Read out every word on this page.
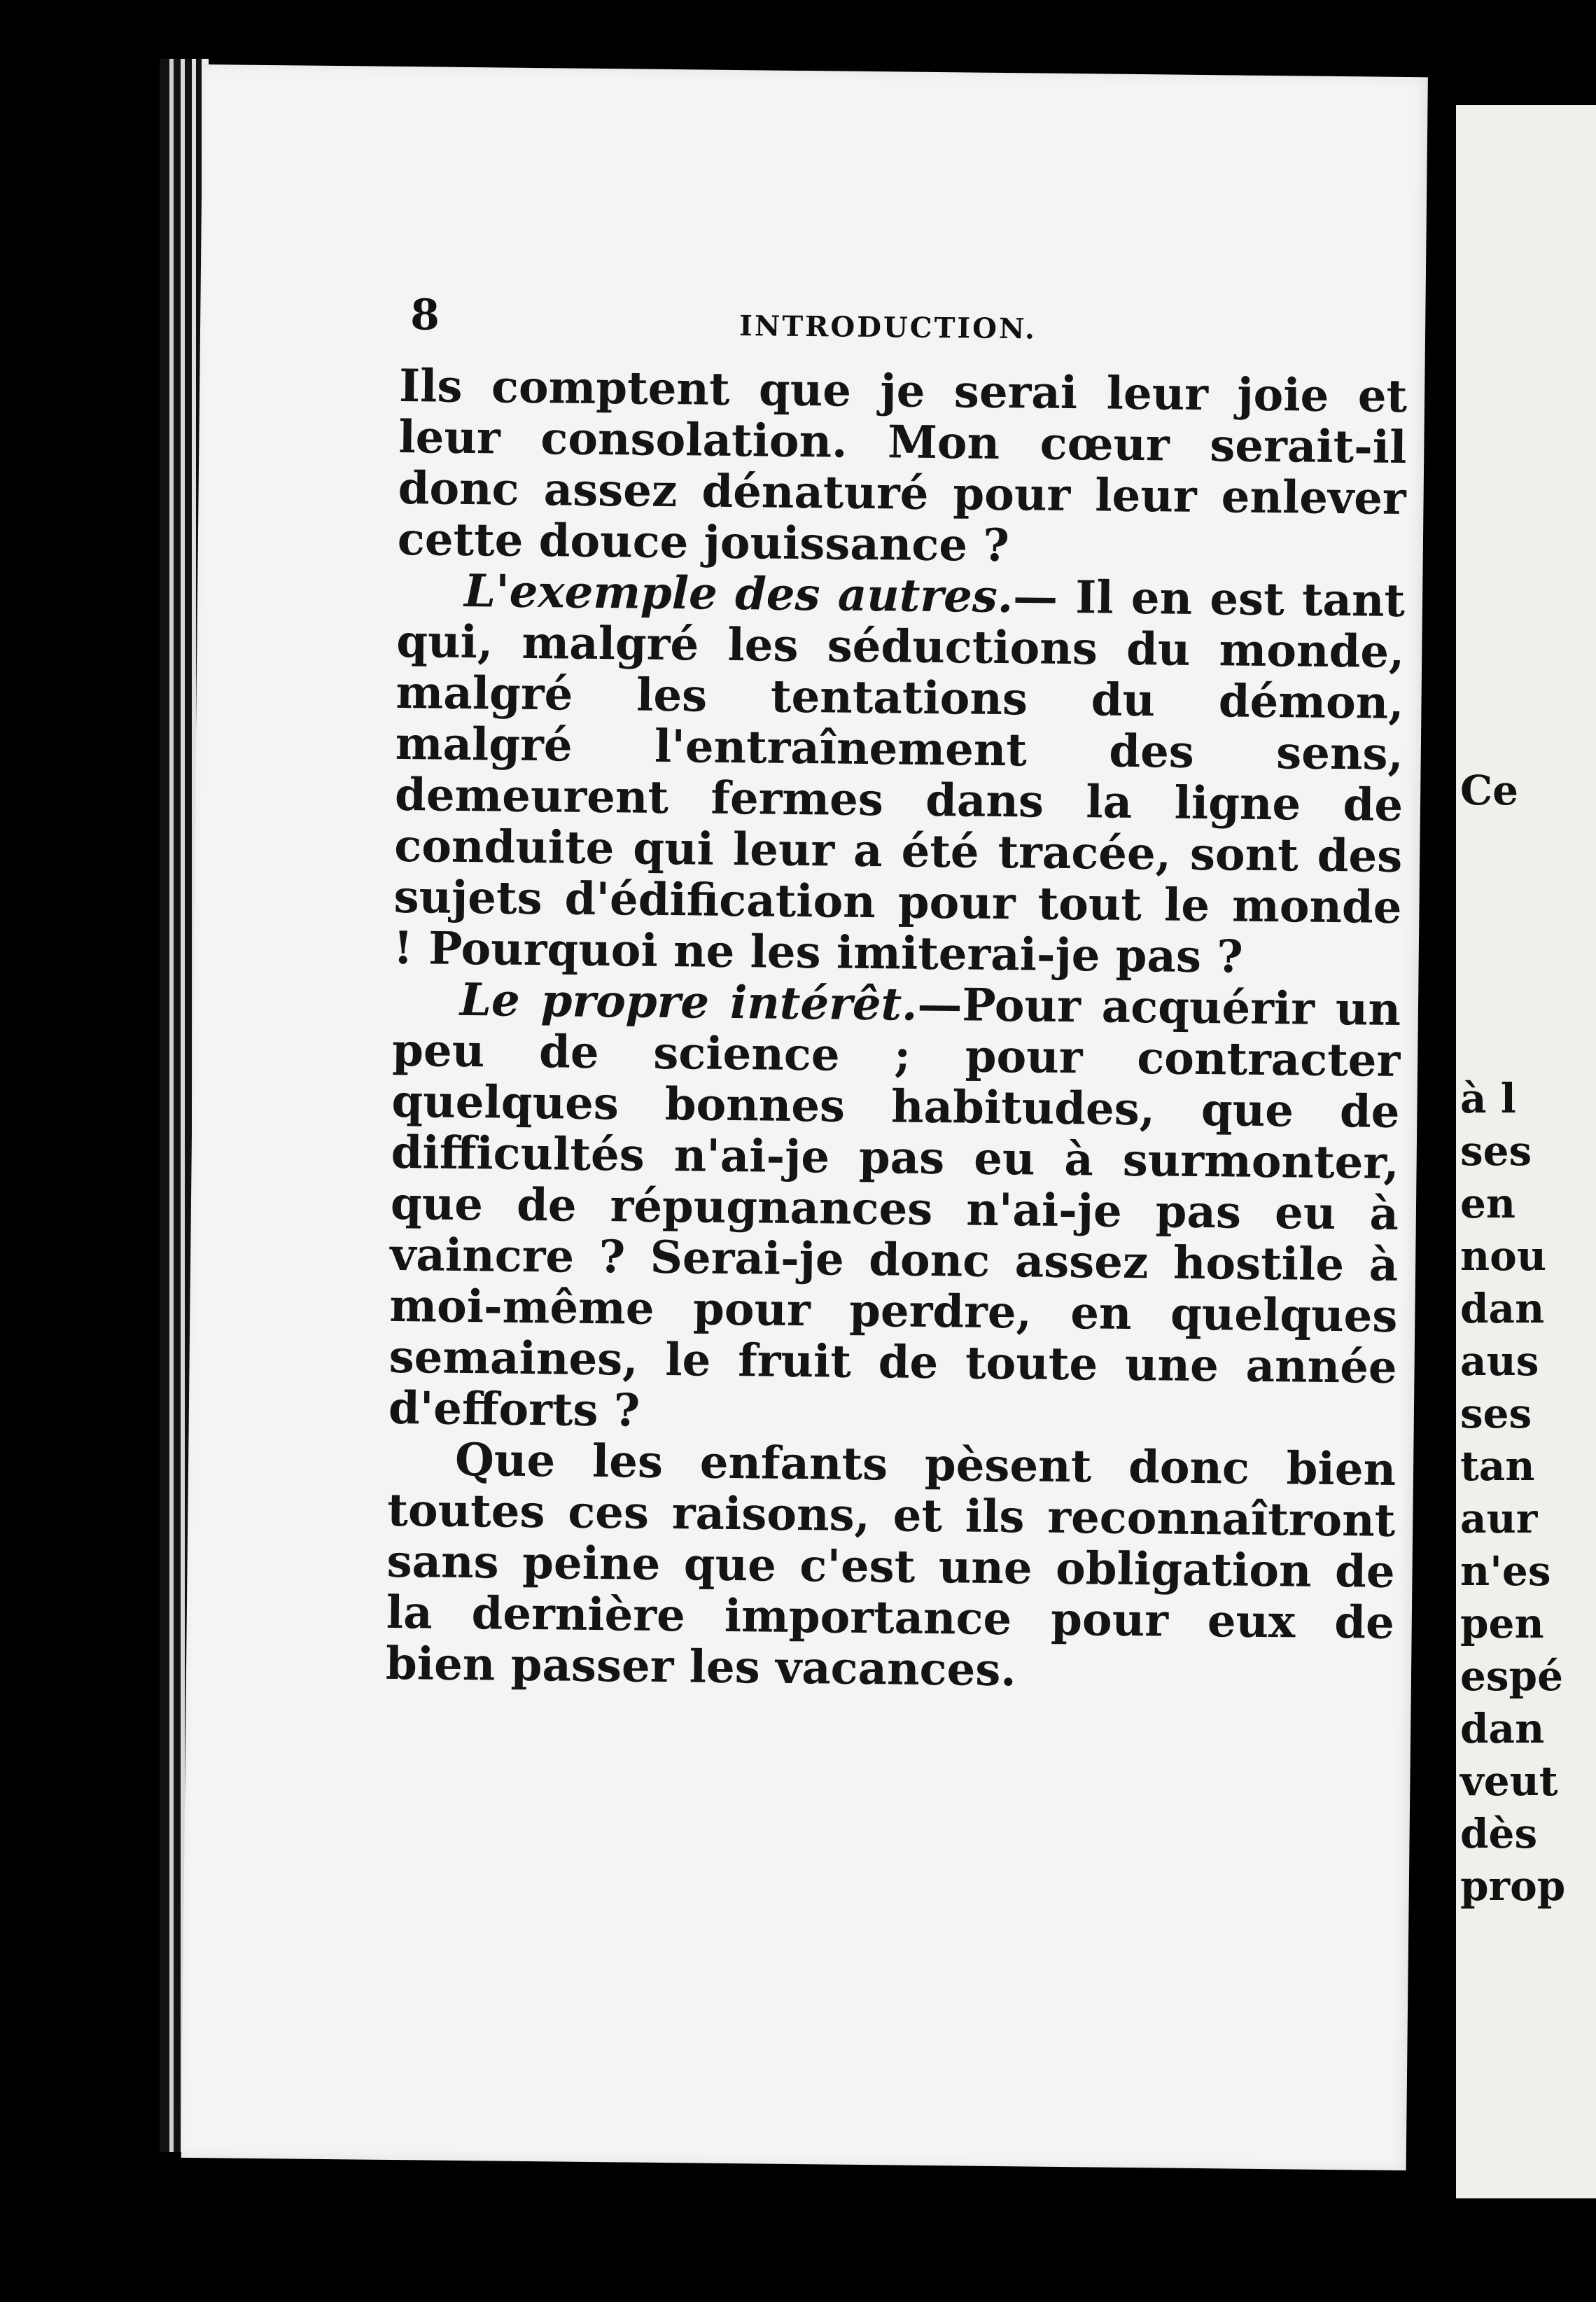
Ce
à l
ses
en
nou
dan
aus
ses
tan
aur
n'es
pen
espé
dan
veut
dès
prop
8	INTRODUCTION.

Ils comptent que je serai leur joie et leur consolation. Mon cœur serait-il donc assez dénaturé pour leur enlever cette douce jouissance ?

L'exemple des autres.— Il en est tant qui, malgré les séductions du monde, malgré les tentations du démon, malgré l'entraînement des sens, demeurent fermes dans la ligne de conduite qui leur a été tracée, sont des sujets d'édification pour tout le monde ! Pourquoi ne les imiterai-je pas ?

Le propre intérêt.—Pour acquérir un peu de science ; pour contracter quelques bonnes habitudes, que de difficultés n'ai-je pas eu à surmonter, que de répugnances n'ai-je pas eu à vaincre ? Serai-je donc assez hostile à moi-même pour perdre, en quelques semaines, le fruit de toute une année d'efforts ?

Que les enfants pèsent donc bien toutes ces raisons, et ils reconnaîtront sans peine que c'est une obligation de la dernière importance pour eux de bien passer les vacances.
